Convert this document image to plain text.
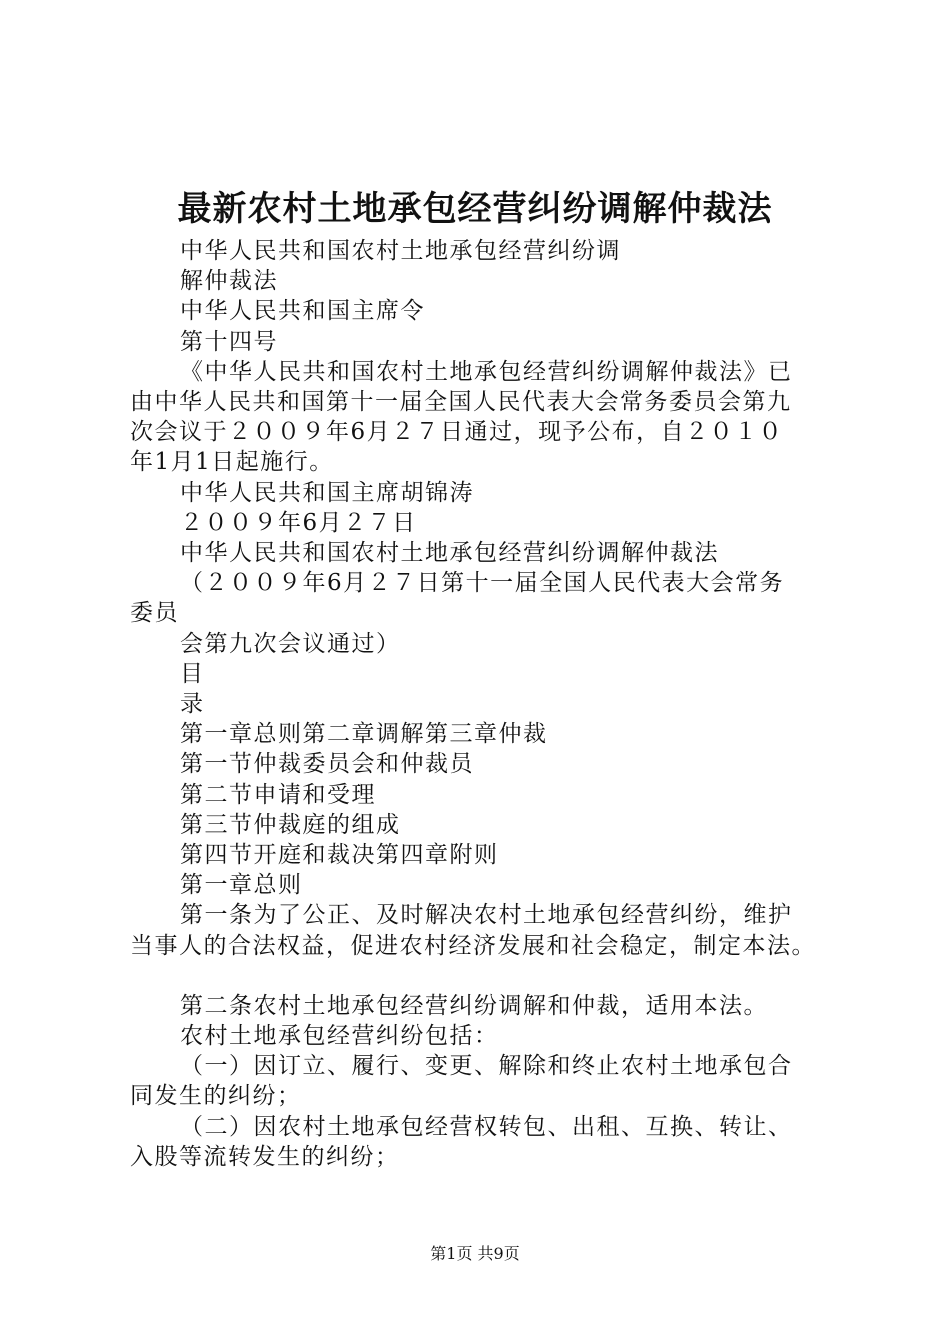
最新农村土地承包经营纠纷调解仲裁法

中华人民共和国农村土地承包经营纠纷调

解仲裁法

中华人民共和国主席令

第十四号

《中华人民共和国农村土地承包经营纠纷调解仲裁法》已

由中华人民共和国第十一届全国人民代表大会常务委员会第九

次会议于２００９年6月２７日通过，现予公布，自２０１０

年1月1日起施行。

中华人民共和国主席胡锦涛

２００９年6月２７日

中华人民共和国农村土地承包经营纠纷调解仲裁法

（２００９年6月２７日第十一届全国人民代表大会常务

委员

会第九次会议通过）

目

录

第一章总则第二章调解第三章仲裁

第一节仲裁委员会和仲裁员

第二节申请和受理

第三节仲裁庭的组成

第四节开庭和裁决第四章附则

第一章总则

第一条为了公正、及时解决农村土地承包经营纠纷，维护

当事人的合法权益，促进农村经济发展和社会稳定，制定本法。

第二条农村土地承包经营纠纷调解和仲裁，适用本法。

农村土地承包经营纠纷包括：

（一）因订立、履行、变更、解除和终止农村土地承包合

同发生的纠纷；

（二）因农村土地承包经营权转包、出租、互换、转让、

入股等流转发生的纠纷；

第1页 共9页
